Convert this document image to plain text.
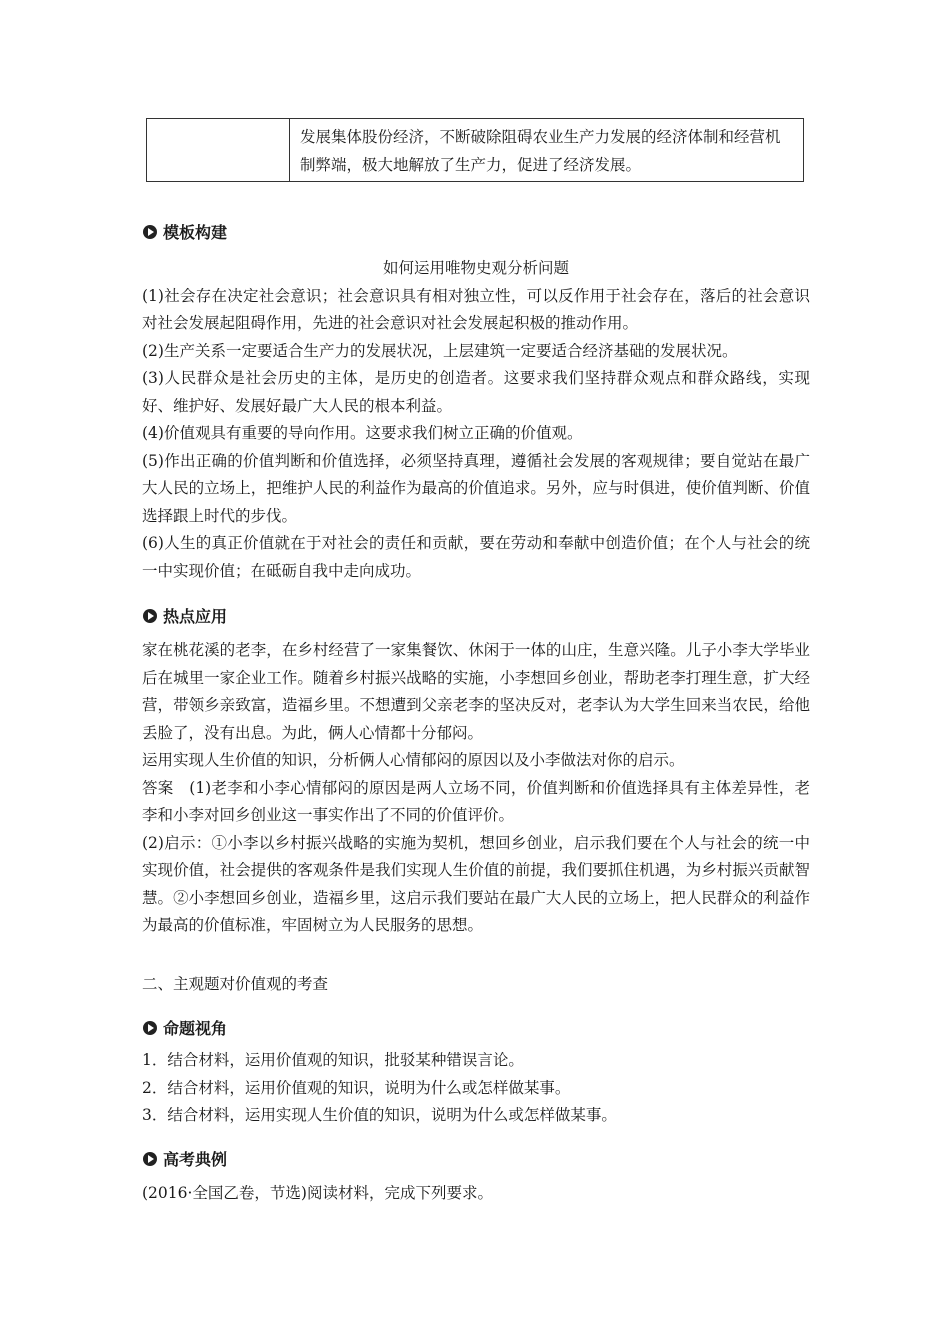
发展集体股份经济，不断破除阻碍农业生产力发展的经济体制和经营机制弊端，极大地解放了生产力，促进了经济发展。
模板构建

如何运用唯物史观分析问题

(1)社会存在决定社会意识；社会意识具有相对独立性，可以反作用于社会存在，落后的社会意识对社会发展起阻碍作用，先进的社会意识对社会发展起积极的推动作用。

(2)生产关系一定要适合生产力的发展状况，上层建筑一定要适合经济基础的发展状况。

(3)人民群众是社会历史的主体，是历史的创造者。这要求我们坚持群众观点和群众路线，实现好、维护好、发展好最广大人民的根本利益。

(4)价值观具有重要的导向作用。这要求我们树立正确的价值观。

(5)作出正确的价值判断和价值选择，必须坚持真理，遵循社会发展的客观规律；要自觉站在最广大人民的立场上，把维护人民的利益作为最高的价值追求。另外，应与时俱进，使价值判断、价值选择跟上时代的步伐。

(6)人生的真正价值就在于对社会的责任和贡献，要在劳动和奉献中创造价值；在个人与社会的统一中实现价值；在砥砺自我中走向成功。

热点应用

家在桃花溪的老李，在乡村经营了一家集餐饮、休闲于一体的山庄，生意兴隆。儿子小李大学毕业后在城里一家企业工作。随着乡村振兴战略的实施，小李想回乡创业，帮助老李打理生意，扩大经营，带领乡亲致富，造福乡里。不想遭到父亲老李的坚决反对，老李认为大学生回来当农民，给他丢脸了，没有出息。为此，俩人心情都十分郁闷。

运用实现人生价值的知识，分析俩人心情郁闷的原因以及小李做法对你的启示。

答案　(1)老李和小李心情郁闷的原因是两人立场不同，价值判断和价值选择具有主体差异性，老李和小李对回乡创业这一事实作出了不同的价值评价。

(2)启示：①小李以乡村振兴战略的实施为契机，想回乡创业，启示我们要在个人与社会的统一中实现价值，社会提供的客观条件是我们实现人生价值的前提，我们要抓住机遇，为乡村振兴贡献智慧。②小李想回乡创业，造福乡里，这启示我们要站在最广大人民的立场上，把人民群众的利益作为最高的价值标准，牢固树立为人民服务的思想。

二、主观题对价值观的考查
命题视角

1．结合材料，运用价值观的知识，批驳某种错误言论。

2．结合材料，运用价值观的知识，说明为什么或怎样做某事。

3．结合材料，运用实现人生价值的知识，说明为什么或怎样做某事。

高考典例

(2016·全国乙卷，节选)阅读材料，完成下列要求。
